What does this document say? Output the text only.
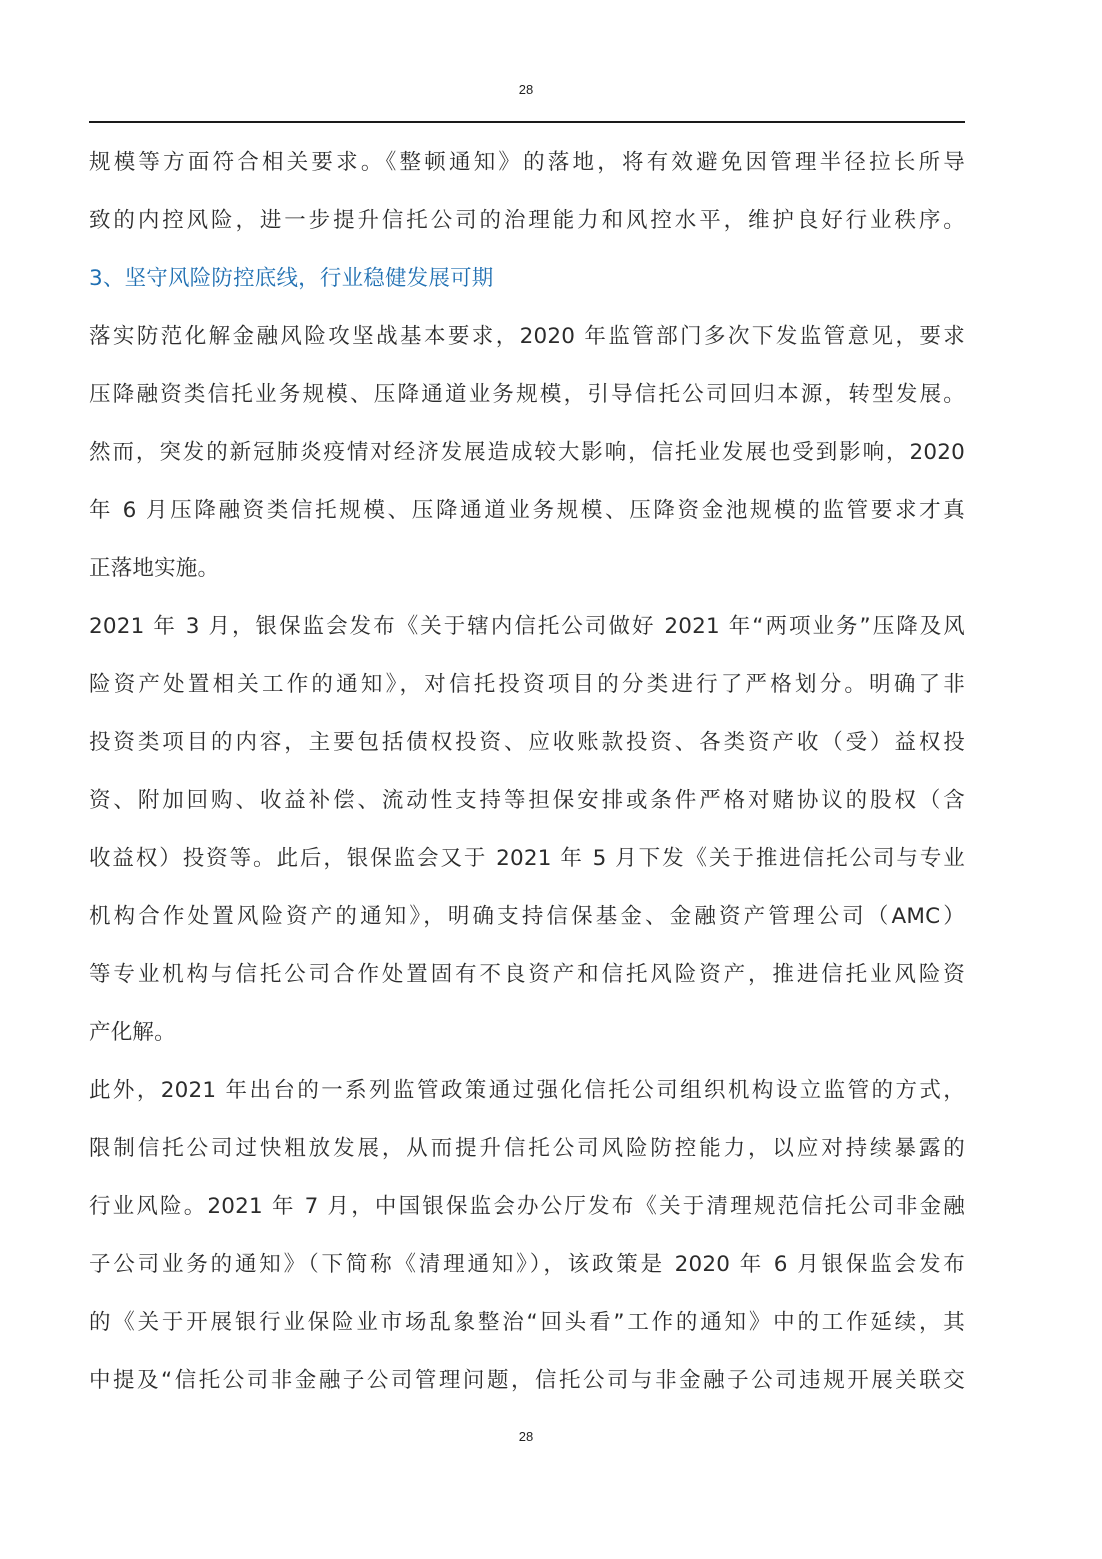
28
规模等方面符合相关要求。《整顿通知》的落地，将有效避免因管理半径拉长所导
致的内控风险，进一步提升信托公司的治理能力和风控水平，维护良好行业秩序。
3、坚守风险防控底线，行业稳健发展可期
落实防范化解金融风险攻坚战基本要求，2020 年监管部门多次下发监管意见，要求
压降融资类信托业务规模、压降通道业务规模，引导信托公司回归本源，转型发展。
然而，突发的新冠肺炎疫情对经济发展造成较大影响，信托业发展也受到影响，2020
年 6 月压降融资类信托规模、压降通道业务规模、压降资金池规模的监管要求才真
正落地实施。
2021 年 3 月，银保监会发布《关于辖内信托公司做好 2021 年“两项业务”压降及风
险资产处置相关工作的通知》，对信托投资项目的分类进行了严格划分。明确了非
投资类项目的内容，主要包括债权投资、应收账款投资、各类资产收（受）益权投
资、附加回购、收益补偿、流动性支持等担保安排或条件严格对赌协议的股权（含
收益权）投资等。此后，银保监会又于 2021 年 5 月下发《关于推进信托公司与专业
机构合作处置风险资产的通知》，明确支持信保基金、金融资产管理公司（AMC）
等专业机构与信托公司合作处置固有不良资产和信托风险资产，推进信托业风险资
产化解。
此外，2021 年出台的一系列监管政策通过强化信托公司组织机构设立监管的方式，
限制信托公司过快粗放发展，从而提升信托公司风险防控能力，以应对持续暴露的
行业风险。2021 年 7 月，中国银保监会办公厅发布《关于清理规范信托公司非金融
子公司业务的通知》（下简称《清理通知》），该政策是 2020 年 6 月银保监会发布
的《关于开展银行业保险业市场乱象整治“回头看”工作的通知》中的工作延续，其
中提及“信托公司非金融子公司管理问题，信托公司与非金融子公司违规开展关联交
28
